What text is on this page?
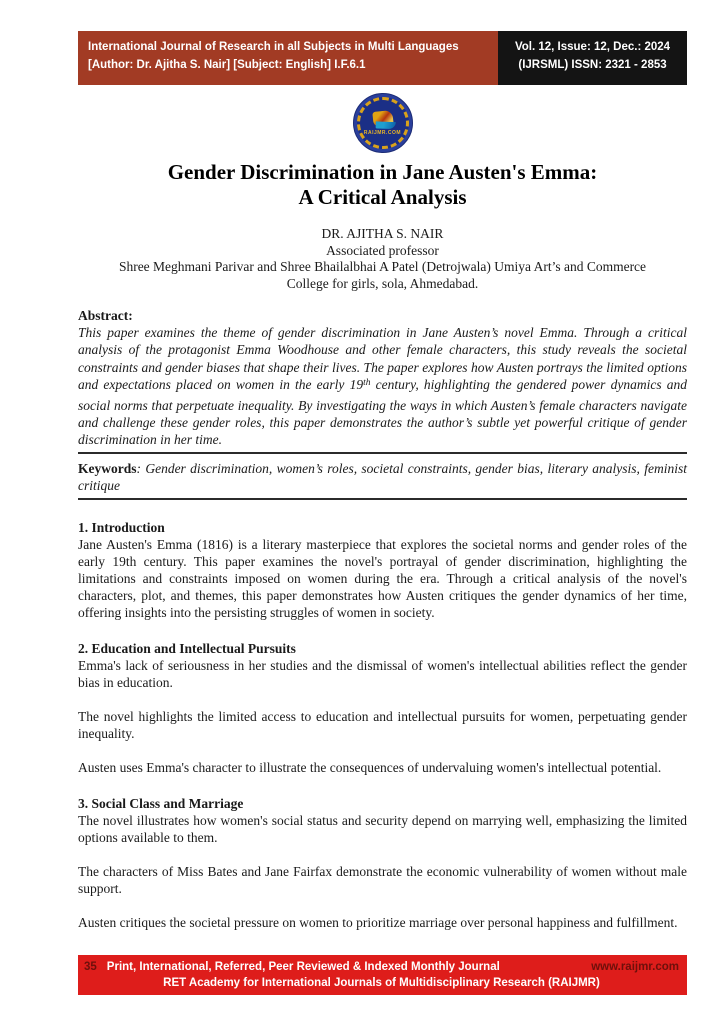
International Journal of Research in all Subjects in Multi Languages
[Author: Dr. Ajitha S. Nair] [Subject: English] I.F.6.1
Vol. 12, Issue: 12, Dec.: 2024
(IJRSML) ISSN: 2321 - 2853
RAIJMR.COM
Gender Discrimination in Jane Austen's Emma:
A Critical Analysis
DR. AJITHA S. NAIR
Associated professor
Shree Meghmani Parivar and Shree Bhailalbhai A Patel (Detrojwala) Umiya Art’s and Commerce
College for girls, sola, Ahmedabad.
Abstract:
This paper examines the theme of gender discrimination in Jane Austen’s novel Emma. Through a critical analysis of the protagonist Emma Woodhouse and other female characters, this study reveals the societal constraints and gender biases that shape their lives. The paper explores how Austen portrays the limited options and expectations placed on women in the early 19th century, highlighting the gendered power dynamics and social norms that perpetuate inequality. By investigating the ways in which Austen’s female characters navigate and challenge these gender roles, this paper demonstrates the author’s subtle yet powerful critique of gender discrimination in her time.
Keywords: Gender discrimination, women’s roles, societal constraints, gender bias, literary analysis, feminist critique
1. Introduction

Jane Austen's Emma (1816) is a literary masterpiece that explores the societal norms and gender roles of the early 19th century. This paper examines the novel's portrayal of gender discrimination, highlighting the limitations and constraints imposed on women during the era. Through a critical analysis of the novel's characters, plot, and themes, this paper demonstrates how Austen critiques the gender dynamics of her time, offering insights into the persisting struggles of women in society.

2. Education and Intellectual Pursuits

Emma's lack of seriousness in her studies and the dismissal of women's intellectual abilities reflect the gender bias in education.

The novel highlights the limited access to education and intellectual pursuits for women, perpetuating gender inequality.

Austen uses Emma's character to illustrate the consequences of undervaluing women's intellectual potential.

3. Social Class and Marriage

The novel illustrates how women's social status and security depend on marrying well, emphasizing the limited options available to them.

The characters of Miss Bates and Jane Fairfax demonstrate the economic vulnerability of women without male support.

Austen critiques the societal pressure on women to prioritize marriage over personal happiness and fulfillment.

35 Print, International, Referred, Peer Reviewed & Indexed Monthly Journal	www.raijmr.com
RET Academy for International Journals of Multidisciplinary Research (RAIJMR)
